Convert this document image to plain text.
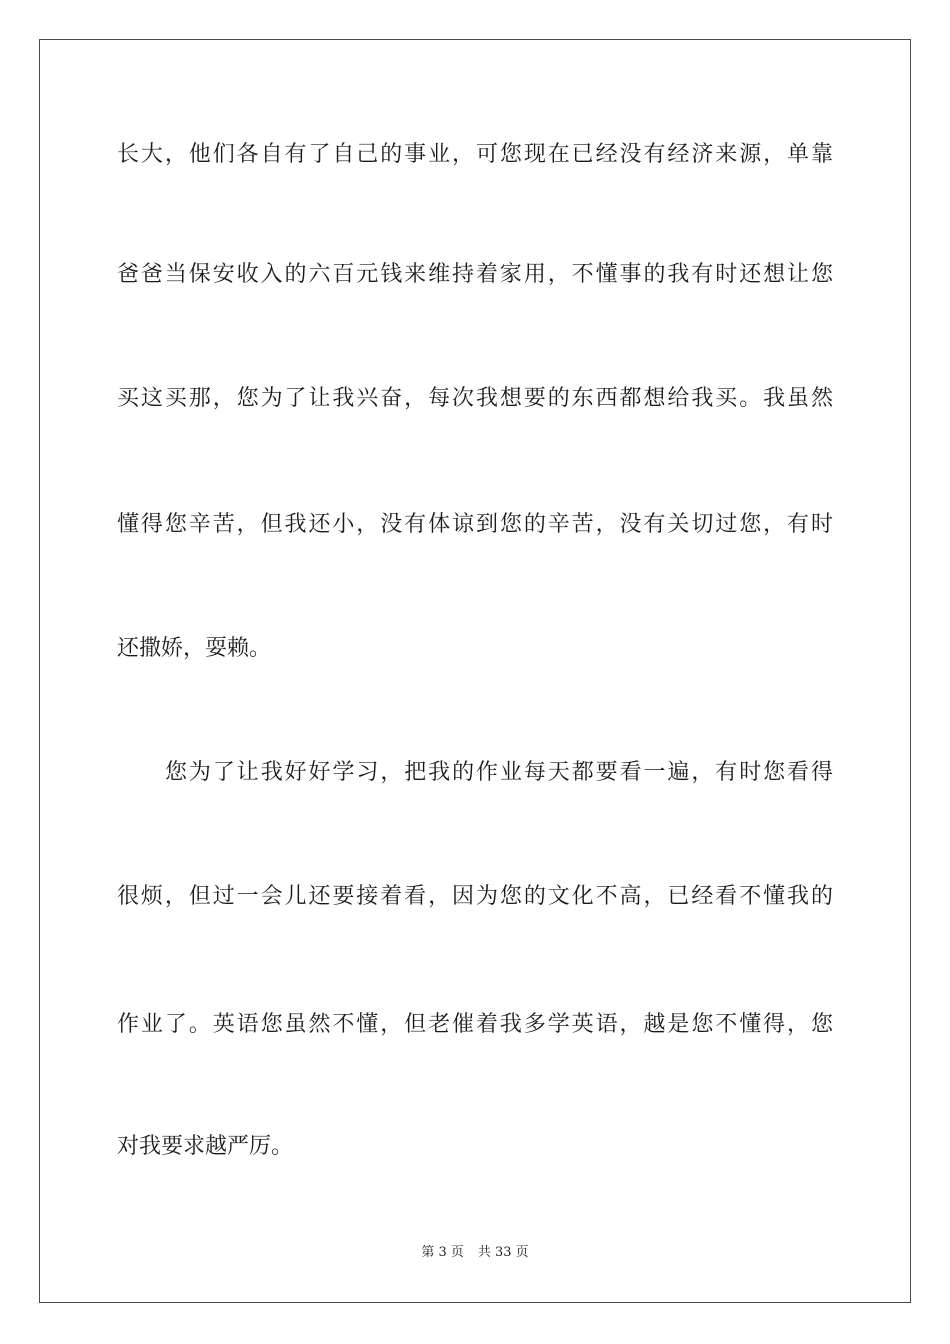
长大，他们各自有了自己的事业，可您现在已经没有经济来源，单靠
爸爸当保安收入的六百元钱来维持着家用，不懂事的我有时还想让您
买这买那，您为了让我兴奋，每次我想要的东西都想给我买。我虽然
懂得您辛苦，但我还小，没有体谅到您的辛苦，没有关切过您，有时
还撒娇，耍赖。
您为了让我好好学习，把我的作业每天都要看一遍，有时您看得
很烦，但过一会儿还要接着看，因为您的文化不高，已经看不懂我的
作业了。英语您虽然不懂，但老催着我多学英语，越是您不懂得，您
对我要求越严厉。
第 3 页 共 33 页
